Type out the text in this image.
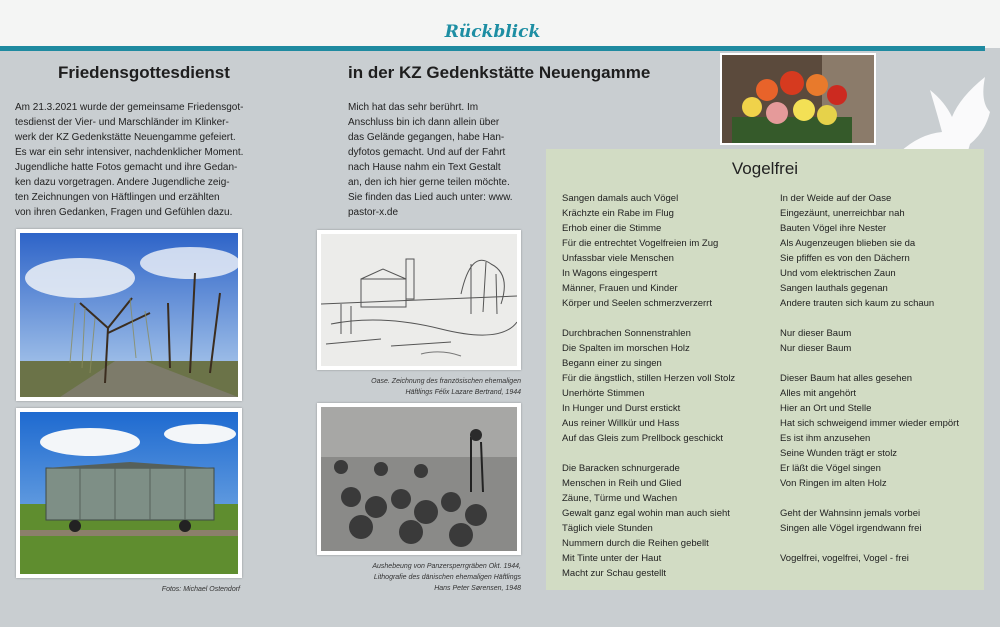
Rückblick
Friedensgottesdienst	in der KZ Gedenkstätte Neuengamme
Am 21.3.2021 wurde der gemeinsame Friedensgot-
tesdienst der Vier- und Marschländer im Klinker-
werk der KZ Gedenkstätte Neuengamme gefeiert.
Es war ein sehr intensiver, nachdenklicher Moment.
Jugendliche hatte Fotos gemacht und ihre Gedan-
ken dazu vorgetragen. Andere Jugendliche zeig-
ten Zeichnungen von Häftlingen und erzählten
von ihren Gedanken, Fragen und Gefühlen dazu.
Mich hat das sehr berührt. Im
Anschluss bin ich dann allein über
das Gelände gegangen, habe Han-
dyfotos gemacht. Und auf der Fahrt
nach Hause nahm ein Text Gestalt
an, den ich hier gerne teilen möchte.
Sie finden das Lied auch unter: www.
pastor-x.de
Fotos: Michael Ostendorf
Oase. Zeichnung des französischen ehemaligen
Häftlings Félix Lazare Bertrand, 1944
Aushebeung von Panzersperrgräben Okt. 1944,
Lithografie des dänischen ehemaligen Häftlings
Hans Peter Sørensen, 1948
Vogelfrei
Sangen damals auch Vögel
Krächzte ein Rabe im Flug
Erhob einer die Stimme
Für die entrechtet Vogelfreien im Zug
Unfassbar viele Menschen
In Wagons eingesperrt
Männer, Frauen und Kinder
Körper und Seelen schmerzverzerrt
Durchbrachen Sonnenstrahlen
Die Spalten im morschen Holz
Begann einer zu singen
Für die ängstlich, stillen Herzen voll Stolz
Unerhörte Stimmen
In Hunger und Durst erstickt
Aus reiner Willkür und Hass
Auf das Gleis zum Prellbock geschickt
Die Baracken schnurgerade
Menschen in Reih und Glied
Zäune, Türme und Wachen
Gewalt ganz egal wohin man auch sieht
Täglich viele Stunden
Nummern durch die Reihen gebellt
Mit Tinte unter der Haut
Macht zur Schau gestellt
In der Weide auf der Oase
Eingezäunt, unerreichbar nah
Bauten Vögel ihre Nester
Als Augenzeugen blieben sie da
Sie pfiffen es von den Dächern
Und vom elektrischen Zaun
Sangen lauthals gegenan
Andere trauten sich kaum zu schaun
Nur dieser Baum
Nur dieser Baum
Dieser Baum hat alles gesehen
Alles mit angehört
Hier an Ort und Stelle
Hat sich schweigend immer wieder empört
Es ist ihm anzusehen
Seine Wunden trägt er stolz
Er läßt die Vögel singen
Von Ringen im alten Holz
Geht der Wahnsinn jemals vorbei
Singen alle Vögel irgendwann frei
Vogelfrei, vogelfrei, Vogel - frei
